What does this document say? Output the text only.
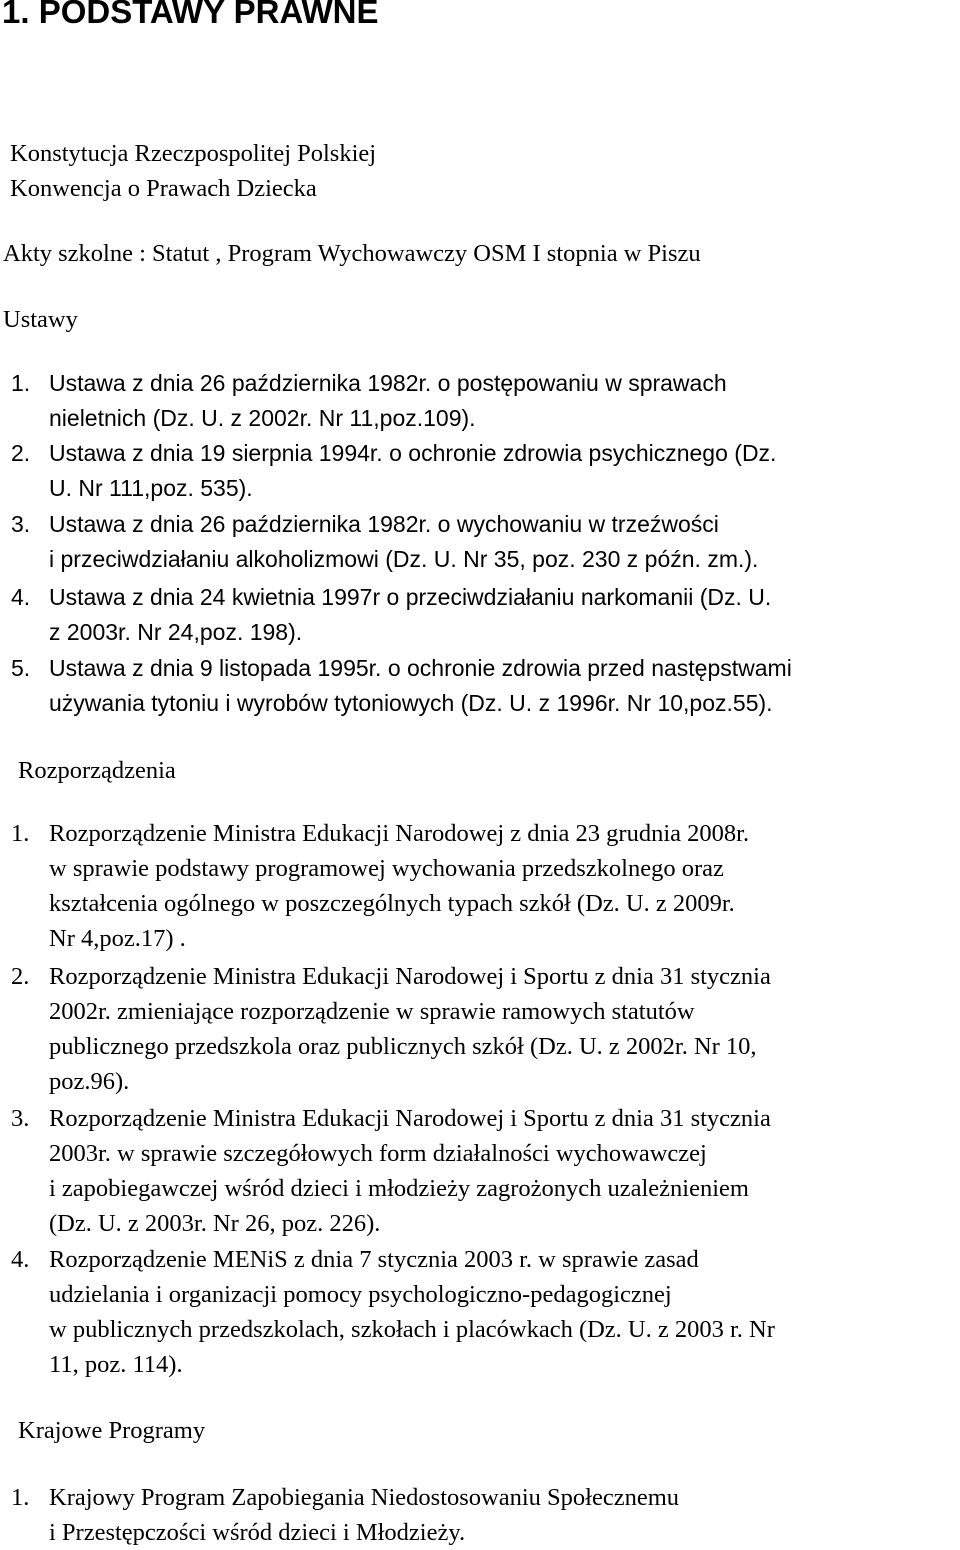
1. PODSTAWY PRAWNE

Konstytucja Rzeczpospolitej Polskiej

Konwencja o Prawach Dziecka

Akty szkolne : Statut , Program Wychowawczy OSM I stopnia w Piszu

Ustawy

1. Ustawa z dnia 26 października 1982r. o postępowaniu w sprawach
nieletnich (Dz. U. z 2002r. Nr 11,poz.109).

2. Ustawa z dnia 19 sierpnia 1994r. o ochronie zdrowia psychicznego (Dz.
U. Nr 111,poz. 535).

3. Ustawa z dnia 26 października 1982r. o wychowaniu w trzeźwości
i przeciwdziałaniu alkoholizmowi (Dz. U. Nr 35, poz. 230 z późn. zm.).

4. Ustawa z dnia 24 kwietnia 1997r o przeciwdziałaniu narkomanii (Dz. U.
z 2003r. Nr 24,poz. 198).

5. Ustawa z dnia 9 listopada 1995r. o ochronie zdrowia przed następstwami
używania tytoniu i wyrobów tytoniowych (Dz. U. z 1996r. Nr 10,poz.55).

Rozporządzenia

1. Rozporządzenie Ministra Edukacji Narodowej z dnia 23 grudnia 2008r.
w sprawie podstawy programowej wychowania przedszkolnego oraz
kształcenia ogólnego w poszczególnych typach szkół (Dz. U. z 2009r.
Nr 4,poz.17) .

2. Rozporządzenie Ministra Edukacji Narodowej i Sportu z dnia 31 stycznia
2002r. zmieniające rozporządzenie w sprawie ramowych statutów
publicznego przedszkola oraz publicznych szkół (Dz. U. z 2002r. Nr 10,
poz.96).

3. Rozporządzenie Ministra Edukacji Narodowej i Sportu z dnia 31 stycznia
2003r. w sprawie szczegółowych form działalności wychowawczej
i zapobiegawczej wśród dzieci i młodzieży zagrożonych uzależnieniem
(Dz. U. z 2003r. Nr 26, poz. 226).

4. Rozporządzenie MENiS z dnia 7 stycznia 2003 r. w sprawie zasad
udzielania i organizacji pomocy psychologiczno-pedagogicznej
w publicznych przedszkolach, szkołach i placówkach (Dz. U. z 2003 r. Nr
11, poz. 114).

Krajowe Programy

1. Krajowy Program Zapobiegania Niedostosowaniu Społecznemu
i Przestępczości wśród dzieci i Młodzieży.
